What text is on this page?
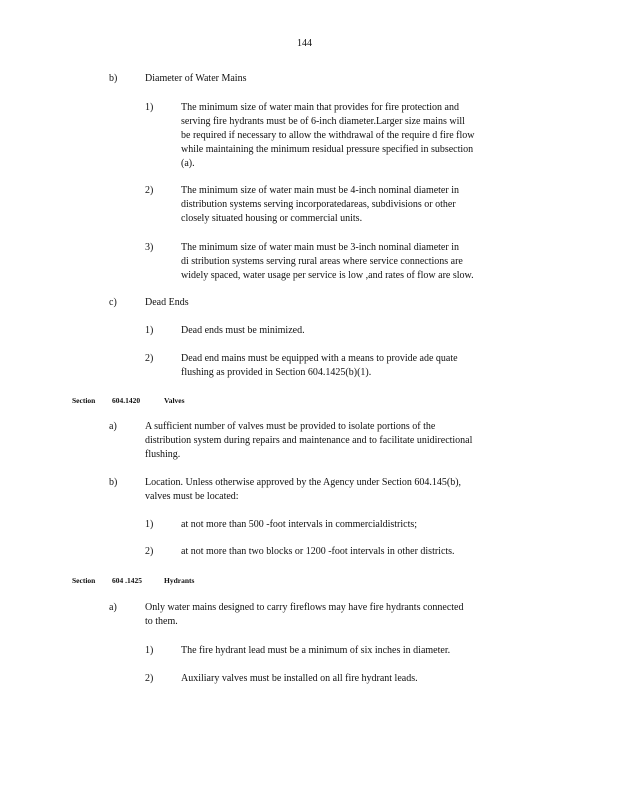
144
b)	Diameter of Water Mains
1)	The minimum size of water main that provides for fire protection and
serving fire hydrants must be of 6-inch diameter.Larger size mains will
be required if necessary to allow the withdrawal of the require d fire flow
while maintaining the minimum residual pressure specified in subsection
(a).
2)	The minimum size of water main must be 4-inch nominal diameter in
distribution systems serving incorporatedareas, subdivisions or other
closely situated housing or commercial units.
3)	The minimum size of water main must be 3-inch nominal diameter in
di stribution systems serving rural areas where service connections are
widely spaced, water usage per service is low ,and rates of flow are slow.
c)	Dead Ends
1)	Dead ends must be minimized.
2)	Dead end mains must be equipped with a means to provide ade quate
flushing as provided in Section 604.1425(b)(1).
Section 604.1420	Valves
a)	A sufficient number of valves must be provided to isolate portions of the
distribution system during repairs and maintenance and to facilitate unidirectional
flushing.
b)	Location. Unless otherwise approved by the Agency under Section 604.145(b),
valves must be located:
1)	at not more than 500 -foot intervals in commercialdistricts;
2)	at not more than two blocks or 1200 -foot intervals in other districts.
Section 604 .1425	Hydrants
a)	Only water mains designed to carry fireflows may have fire hydrants connected
to them.
1)	The fire hydrant lead must be a minimum of six inches in diameter.
2)	Auxiliary valves must be installed on all fire hydrant leads.
